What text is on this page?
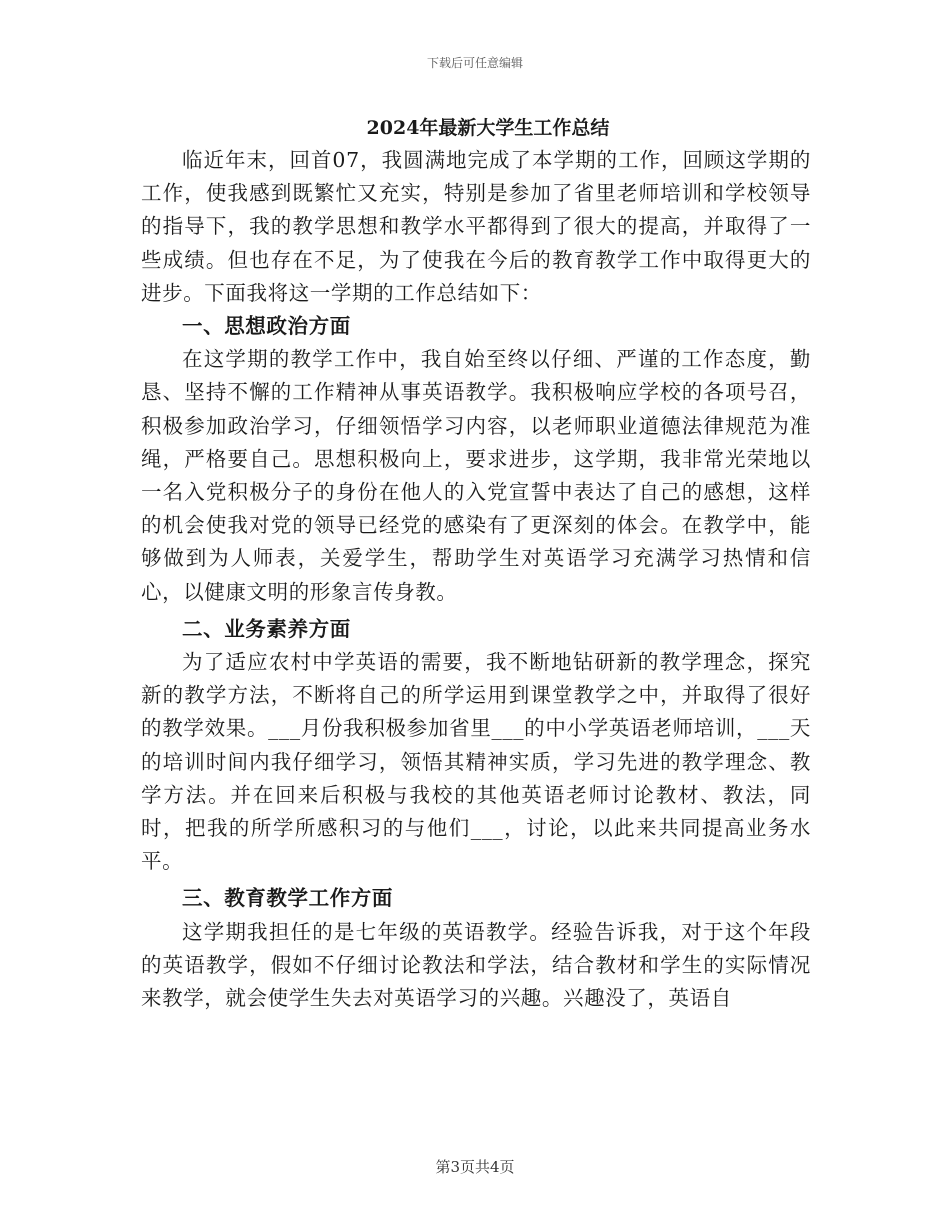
下载后可任意编辑
2024年最新大学生工作总结

临近年末，回首07，我圆满地完成了本学期的工作，回顾这学期的工作，使我感到既繁忙又充实，特别是参加了省里老师培训和学校领导的指导下，我的教学思想和教学水平都得到了很大的提高，并取得了一些成绩。但也存在不足，为了使我在今后的教育教学工作中取得更大的进步。下面我将这一学期的工作总结如下：

一、思想政治方面

在这学期的教学工作中，我自始至终以仔细、严谨的工作态度，勤恳、坚持不懈的工作精神从事英语教学。我积极响应学校的各项号召，积极参加政治学习，仔细领悟学习内容，以老师职业道德法律规范为准绳，严格要自己。思想积极向上，要求进步，这学期，我非常光荣地以一名入党积极分子的身份在他人的入党宣誓中表达了自己的感想，这样的机会使我对党的领导已经党的感染有了更深刻的体会。在教学中，能够做到为人师表，关爱学生，帮助学生对英语学习充满学习热情和信心，以健康文明的形象言传身教。

二、业务素养方面

为了适应农村中学英语的需要，我不断地钻研新的教学理念，探究新的教学方法，不断将自己的所学运用到课堂教学之中，并取得了很好的教学效果。___月份我积极参加省里___的中小学英语老师培训，___天的培训时间内我仔细学习，领悟其精神实质，学习先进的教学理念、教学方法。并在回来后积极与我校的其他英语老师讨论教材、教法，同时，把我的所学所感积习的与他们___，讨论，以此来共同提高业务水平。

三、教育教学工作方面

这学期我担任的是七年级的英语教学。经验告诉我，对于这个年段的英语教学，假如不仔细讨论教法和学法，结合教材和学生的实际情况来教学，就会使学生失去对英语学习的兴趣。兴趣没了，英语自

第3页共4页
